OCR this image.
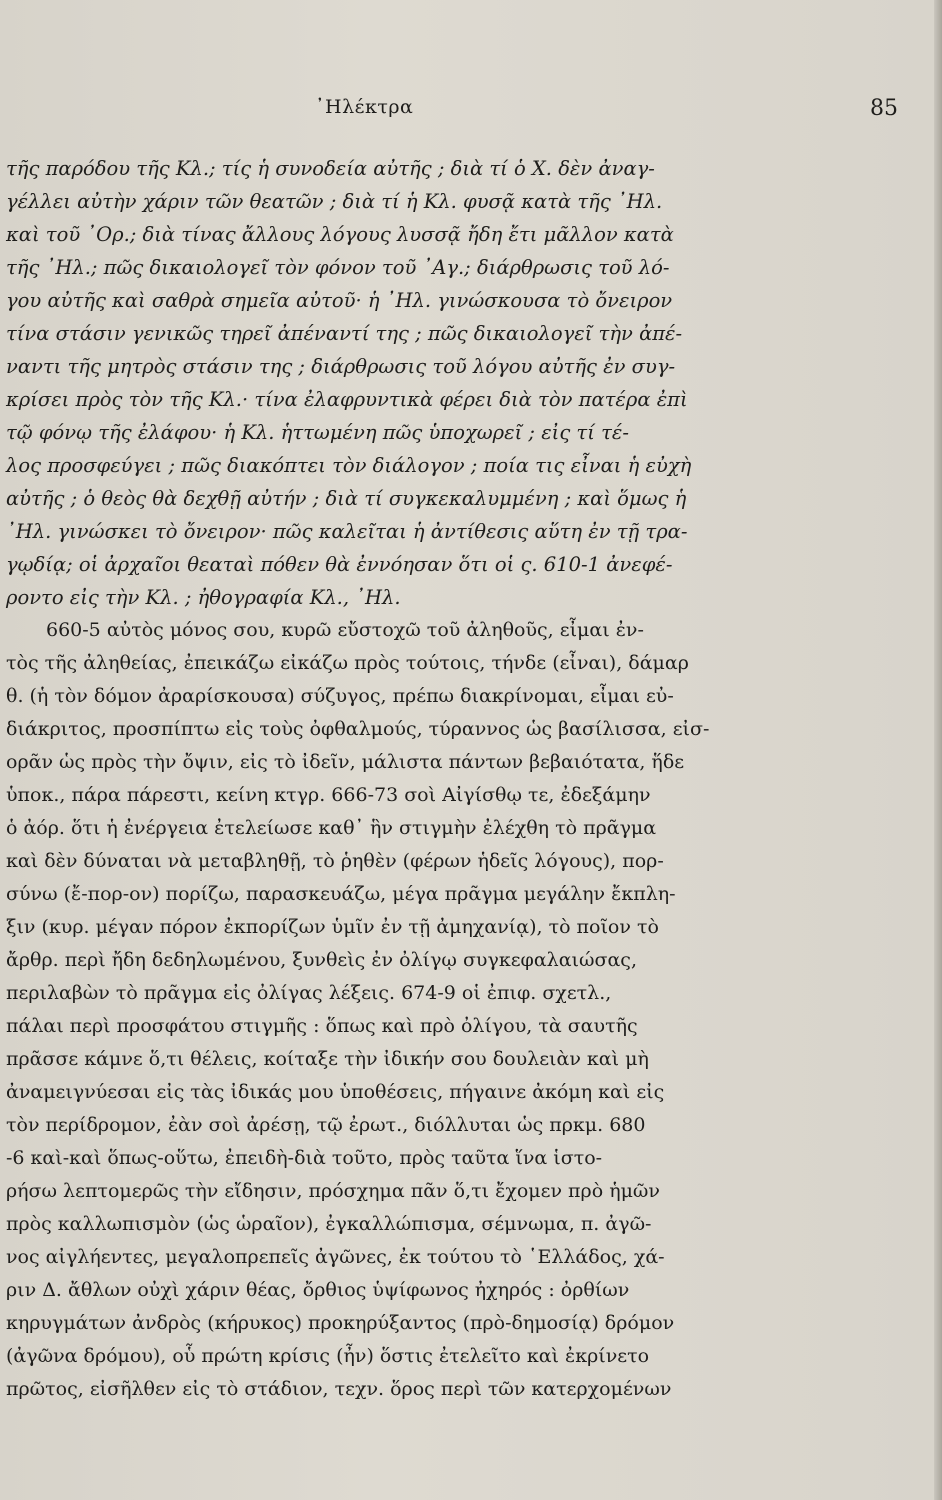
᾿Ηλέκτρα	85
τῆς παρόδου τῆς Κλ.; τίς ἡ συνοδεία αὐτῆς ; διὰ τί ὁ Χ. δὲν ἀναγ-
γέλλει αὐτὴν χάριν τῶν θεατῶν ; διὰ τί ἡ Κλ. φυσᾷ κατὰ τῆς ᾿Ηλ.
καὶ τοῦ ᾿Ορ.; διὰ τίνας ἄλλους λόγους λυσσᾷ ἤδη ἔτι μᾶλλον κατὰ
τῆς ᾿Ηλ.; πῶς δικαιολογεῖ τὸν φόνον τοῦ ᾿Αγ.; διάρθρωσις τοῦ λό-
γου αὐτῆς καὶ σαθρὰ σημεῖα αὐτοῦ· ἡ ᾿Ηλ. γινώσκουσα τὸ ὄνειρον
τίνα στάσιν γενικῶς τηρεῖ ἀπέναντί της ; πῶς δικαιολογεῖ τὴν ἀπέ-
ναντι τῆς μητρὸς στάσιν της ; διάρθρωσις τοῦ λόγου αὐτῆς ἐν συγ-
κρίσει πρὸς τὸν τῆς Κλ.· τίνα ἐλαφρυντικὰ φέρει διὰ τὸν πατέρα ἐπὶ
τῷ φόνῳ τῆς ἐλάφου· ἡ Κλ. ἡττωμένη πῶς ὑποχωρεῖ ; εἰς τί τέ-
λος προσφεύγει ; πῶς διακόπτει τὸν διάλογον ; ποία τις εἶναι ἡ εὐχὴ
αὐτῆς ; ὁ θεὸς θὰ δεχθῇ αὐτήν ; διὰ τί συγκεκαλυμμένη ; καὶ ὅμως ἡ
᾿Ηλ. γινώσκει τὸ ὄνειρον· πῶς καλεῖται ἡ ἀντίθεσις αὕτη ἐν τῇ τρα-
γῳδίᾳ; οἱ ἀρχαῖοι θεαταὶ πόθεν θὰ ἐννόησαν ὅτι οἱ ς. 610-1 ἀνεφέ-
ροντο εἰς τὴν Κλ. ; ἠθογραφία Κλ., ᾿Ηλ.
660-5 αὐτὸς μόνος σου, κυρῶ εὔστοχῶ τοῦ ἀληθοῦς, εἶμαι ἐν-
τὸς τῆς ἀληθείας, ἐπεικάζω εἰκάζω πρὸς τούτοις, τήνδε (εἶναι), δάμαρ
θ. (ἡ τὸν δόμον ἀραρίσκουσα) σύζυγος, πρέπω διακρίνομαι, εἶμαι εὐ-
διάκριτος, προσπίπτω εἰς τοὺς ὀφθαλμούς, τύραννος ὡς βασίλισσα, εἰσ-
ορᾶν ὡς πρὸς τὴν ὄψιν, εἰς τὸ ἰδεῖν, μάλιστα πάντων βεβαιότατα, ἥδε
ὑποκ., πάρα πάρεστι, κείνη κτγρ. 666-73 σοὶ Αἰγίσθῳ τε, ἐδεξάμην
ὁ ἀόρ. ὅτι ἡ ἐνέργεια ἐτελείωσε καθ᾿ ἣν στιγμὴν ἐλέχθη τὸ πρᾶγμα
καὶ δὲν δύναται νὰ μεταβληθῇ, τὸ ῥηθὲν (φέρων ἡδεῖς λόγους), πορ-
σύνω (ἔ-πορ-ον) πορίζω, παρασκευάζω, μέγα πρᾶγμα μεγάλην ἔκπλη-
ξιν (κυρ. μέγαν πόρον ἐκπορίζων ὑμῖν ἐν τῇ ἀμηχανίᾳ), τὸ ποῖον τὸ
ἄρθρ. περὶ ἤδη δεδηλωμένου, ξυνθεὶς ἐν ὀλίγῳ συγκεφαλαιώσας,
περιλαβὼν τὸ πρᾶγμα εἰς ὀλίγας λέξεις. 674-9 οἱ ἐπιφ. σχετλ.,
πάλαι περὶ προσφάτου στιγμῆς : ὅπως καὶ πρὸ ὀλίγου, τὰ σαυτῆς
πρᾶσσε κάμνε ὅ,τι θέλεις, κοίταξε τὴν ἰδικήν σου δουλειὰν καὶ μὴ
ἀναμειγνύεσαι εἰς τὰς ἰδικάς μου ὑποθέσεις, πήγαινε ἀκόμη καὶ εἰς
τὸν περίδρομον, ἐὰν σοὶ ἀρέσῃ, τῷ ἐρωτ., διόλλυται ὡς πρκμ. 680
-6 καὶ-καὶ ὅπως-οὕτω, ἐπειδὴ-διὰ τοῦτο, πρὸς ταῦτα ἵνα ἱστο-
ρήσω λεπτομερῶς τὴν εἴδησιν, πρόσχημα πᾶν ὅ,τι ἔχομεν πρὸ ἡμῶν
πρὸς καλλωπισμὸν (ὡς ὡραῖον), ἐγκαλλώπισμα, σέμνωμα, π. ἀγῶ-
νος αἰγλήεντες, μεγαλοπρεπεῖς ἀγῶνες, ἐκ τούτου τὸ ῾Ελλάδος, χά-
ριν Δ. ἄθλων οὐχὶ χάριν θέας, ὄρθιος ὑψίφωνος ἠχηρός : ὀρθίων
κηρυγμάτων ἀνδρὸς (κήρυκος) προκηρύξαντος (πρὸ-δημοσίᾳ) δρόμον
(ἀγῶνα δρόμου), οὗ πρώτη κρίσις (ἦν) ὅστις ἐτελεῖτο καὶ ἐκρίνετο
πρῶτος, εἰσῆλθεν εἰς τὸ στάδιον, τεχν. ὅρος περὶ τῶν κατερχομένων
